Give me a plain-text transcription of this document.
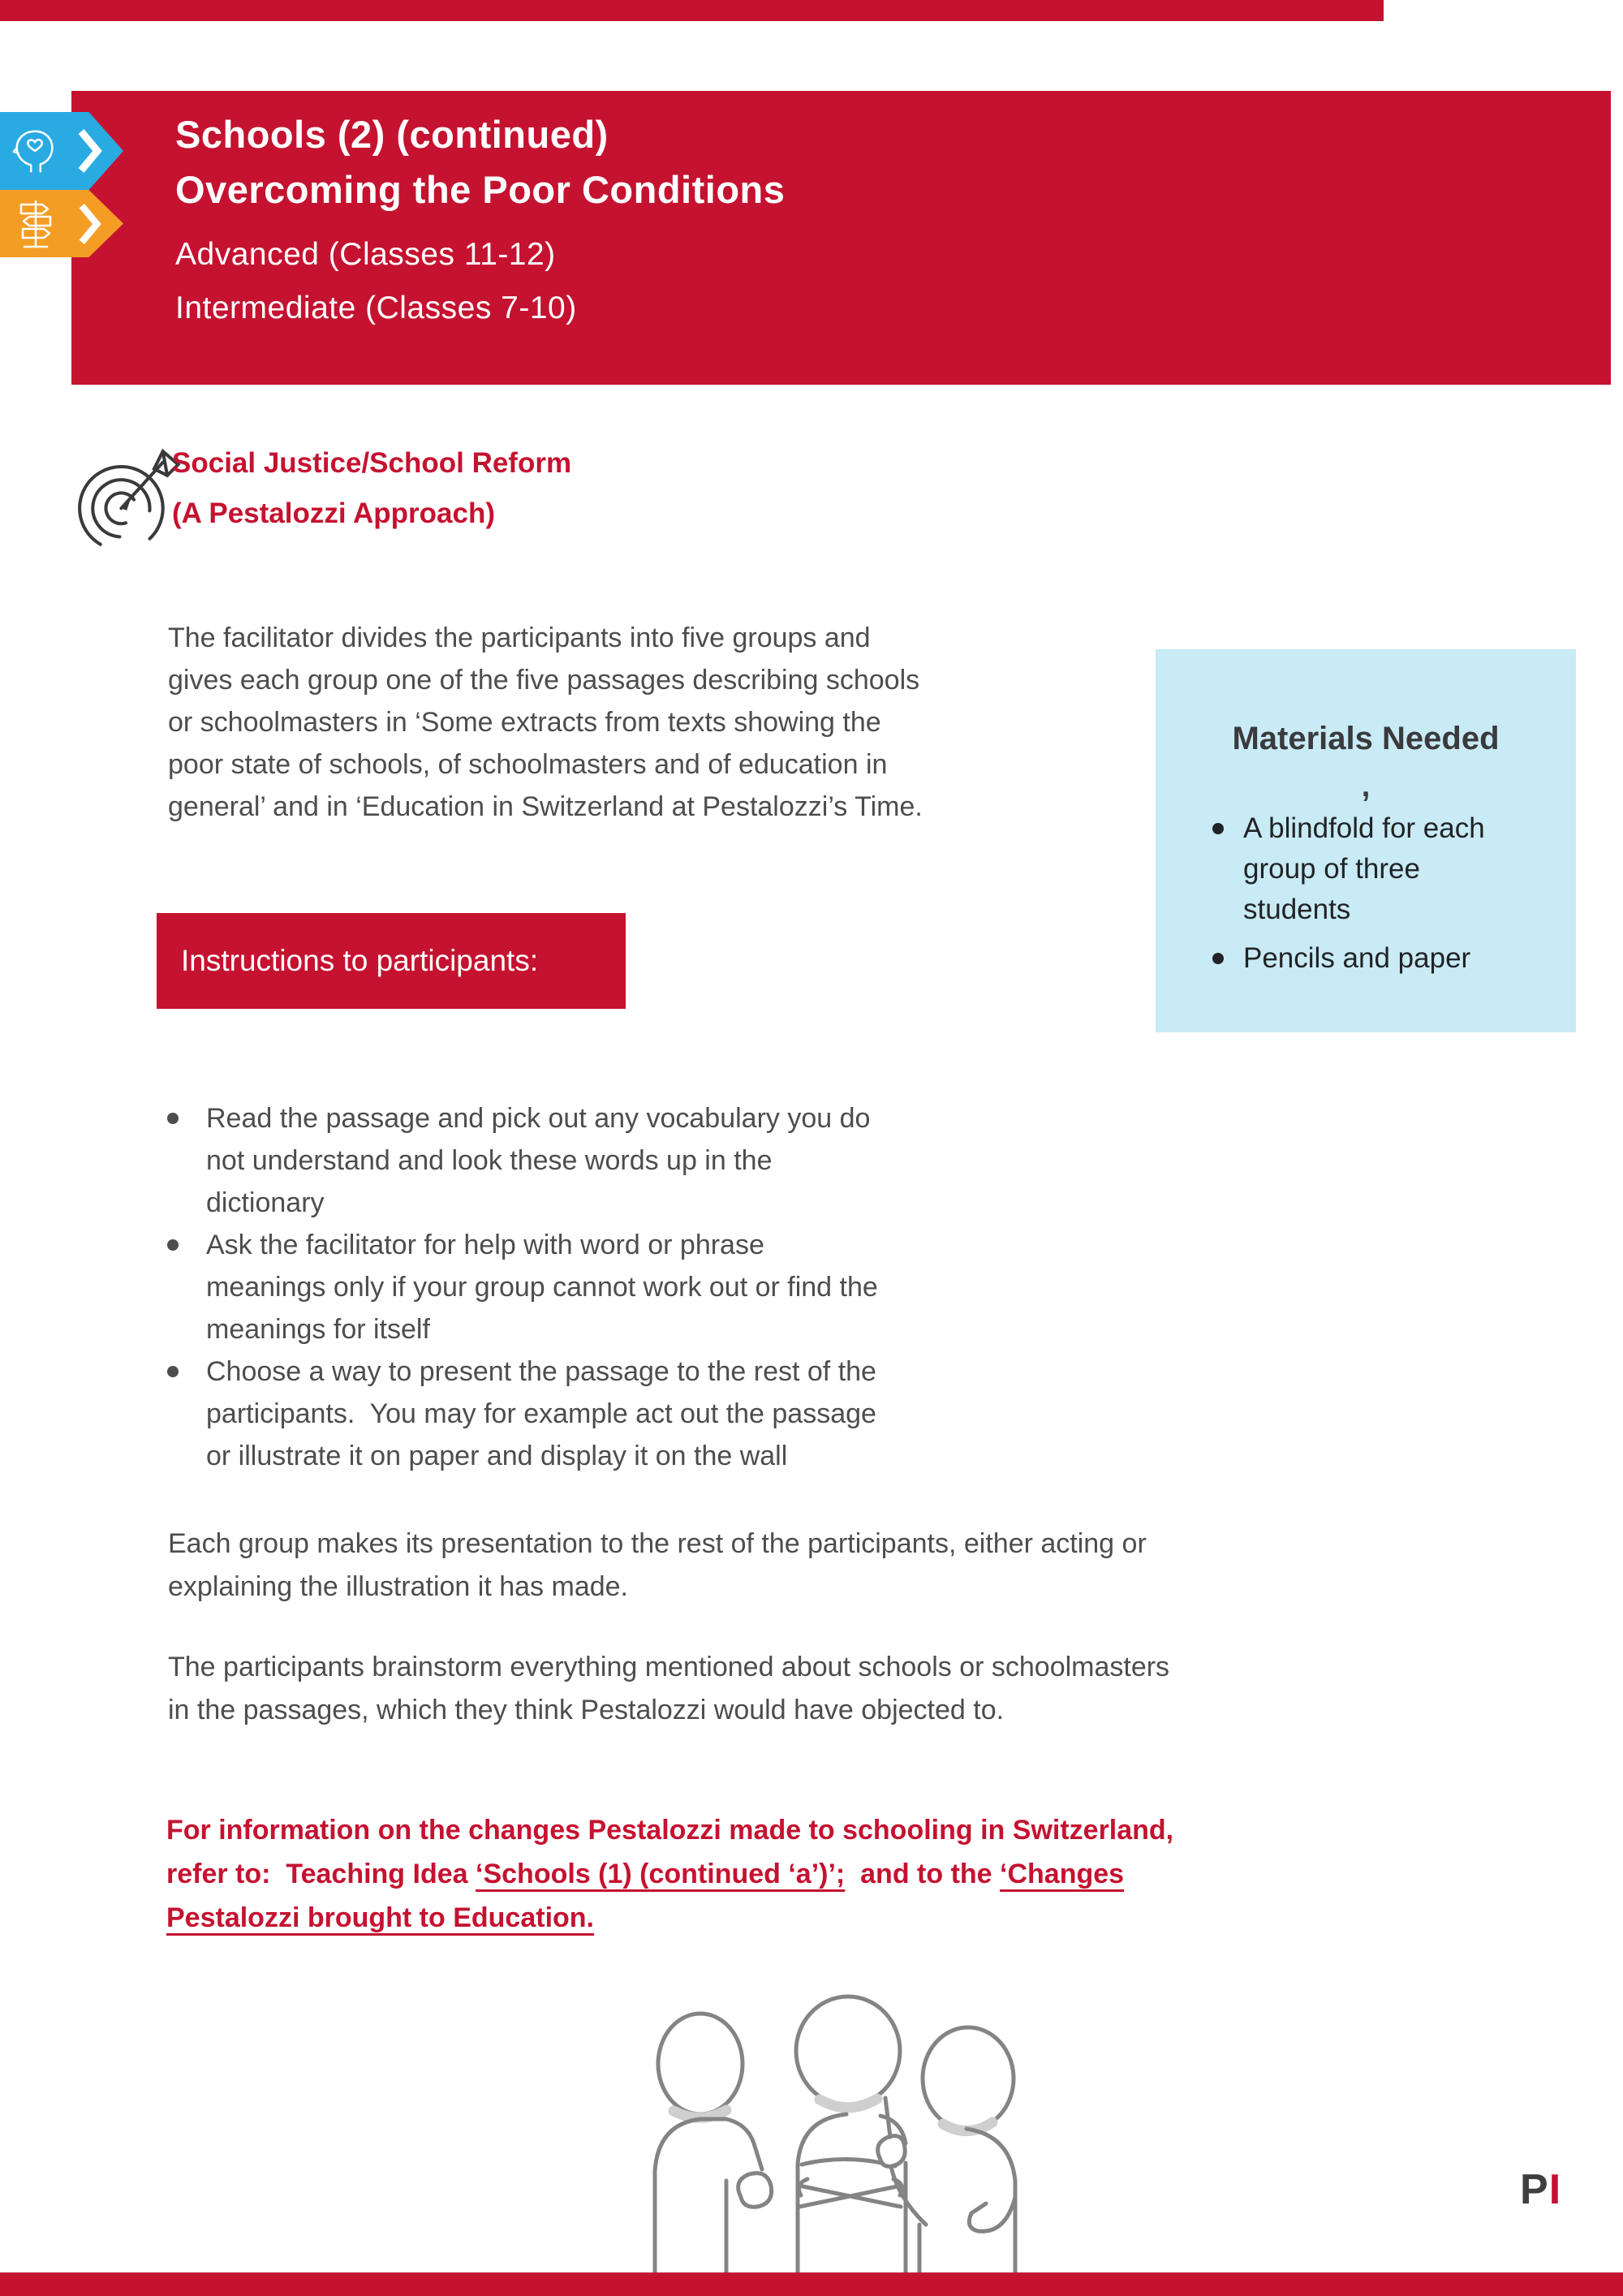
Schools (2) (continued)
Overcoming the Poor Conditions
Advanced (Classes 11-12)
Intermediate (Classes 7-10)
Social Justice/School Reform
(A Pestalozzi Approach)
The facilitator divides the participants into five groups and
gives each group one of the five passages describing schools
or schoolmasters in ‘Some extracts from texts showing the
poor state of schools, of schoolmasters and of education in
general’ and in ‘Education in Switzerland at Pestalozzi’s Time.
Materials Needed
,
A blindfold for each
group of three
students
Pencils and paper
Instructions to participants:
Read the passage and pick out any vocabulary you do
not understand and look these words up in the
dictionary
Ask the facilitator for help with word or phrase
meanings only if your group cannot work out or find the
meanings for itself
Choose a way to present the passage to the rest of the
participants.  You may for example act out the passage
or illustrate it on paper and display it on the wall
Each group makes its presentation to the rest of the participants, either acting or
explaining the illustration it has made.
The participants brainstorm everything mentioned about schools or schoolmasters
in the passages, which they think Pestalozzi would have objected to.
For information on the changes Pestalozzi made to schooling in Switzerland,
refer to:  Teaching Idea ‘Schools (1) (continued ‘a’)’;  and to the ‘Changes
Pestalozzi brought to Education.
PI
